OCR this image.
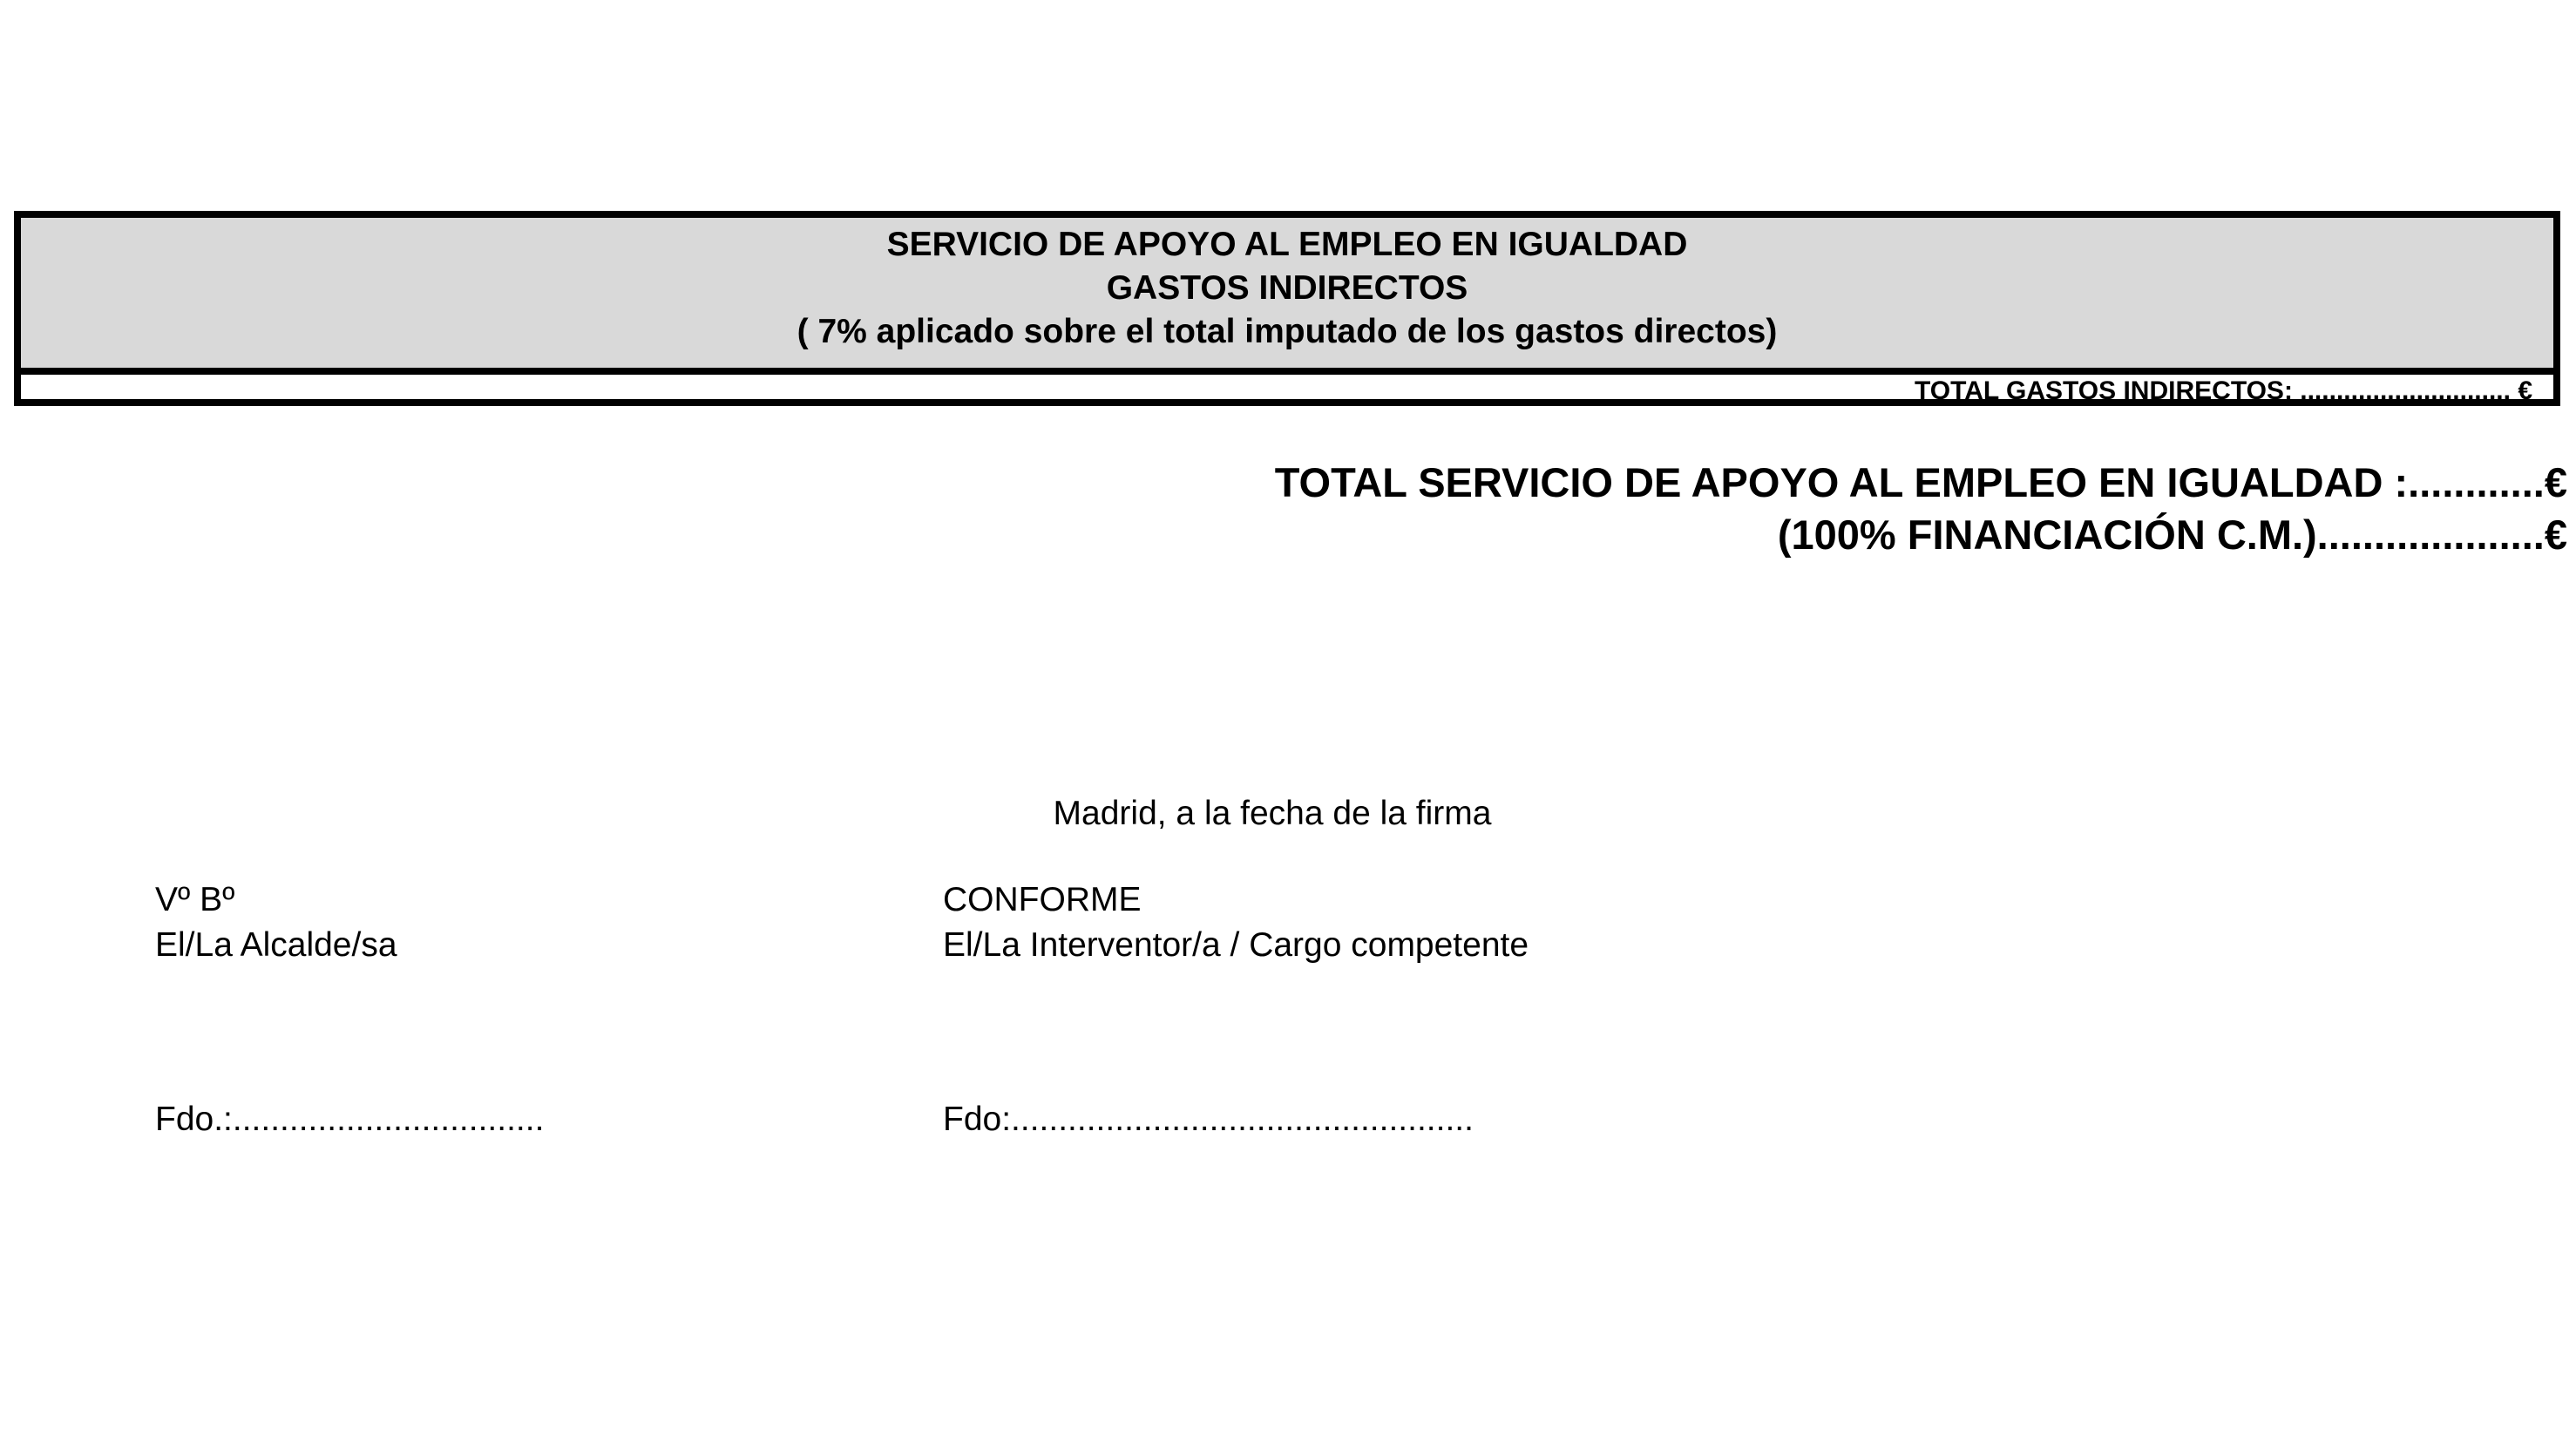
SERVICIO DE APOYO AL EMPLEO EN IGUALDAD
GASTOS INDIRECTOS
( 7% aplicado sobre el total imputado de los gastos directos)
TOTAL GASTOS INDIRECTOS: ............................. €
TOTAL SERVICIO DE APOYO AL EMPLEO EN IGUALDAD :............€
(100% FINANCIACIÓN C.M.)....................€
Madrid, a la fecha de la firma
Vº Bº
El/La Alcalde/sa
Fdo.:.................................
CONFORME
El/La Interventor/a / Cargo competente
Fdo:.................................................
